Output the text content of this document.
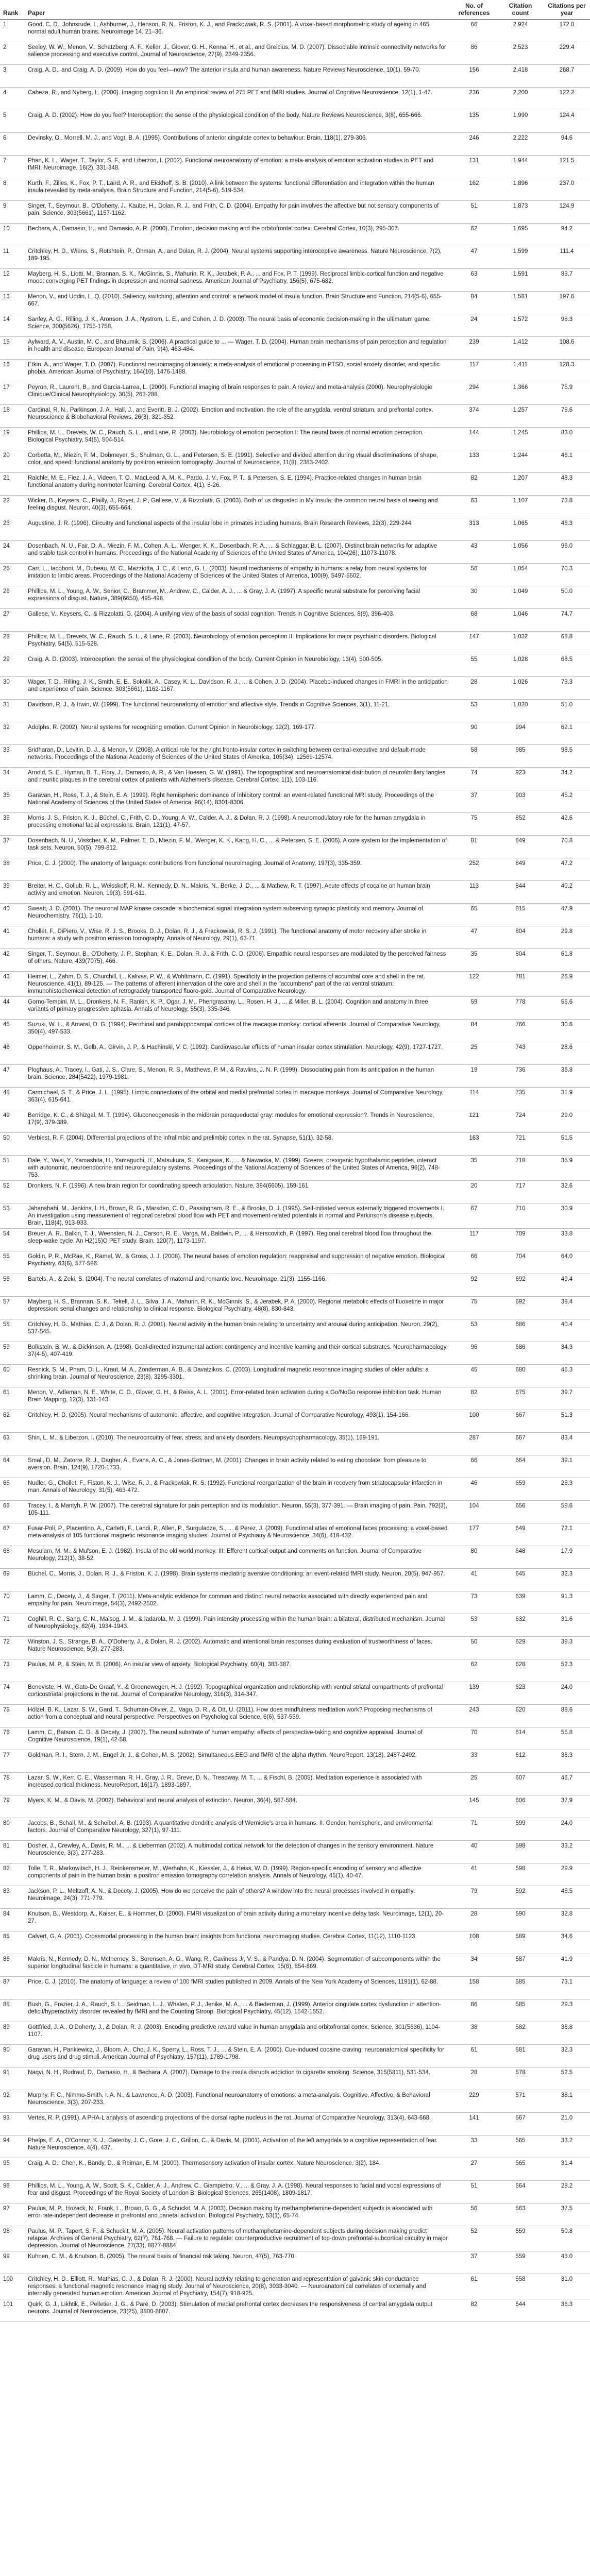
Rank	Paper	No. of references	Citation count	Citations per year
1	Good, C. D., Johnsrude, I., Ashburner, J., Henson, R. N., Friston, K. J., and Frackowiak, R. S. (2001). A voxel-based morphometric study of ageing in 465 normal adult human brains. Neuroimage 14, 21–36.	66	2,924	172.0
2	Seeley, W. W., Menon, V., Schatzberg, A. F., Keller, J., Glover, G. H., Kenna, H., et al., and Greicius, M. D. (2007). Dissociable intrinsic connectivity networks for salience processing and executive control. Journal of Neuroscience, 27(9), 2349-2356.	86	2,523	229.4
3	Craig, A. D., and Craig, A. D. (2009). How do you feel—now? The anterior insula and human awareness. Nature Reviews Neuroscience, 10(1), 59-70.	156	2,418	268.7
4	Cabeza, R., and Nyberg, L. (2000). Imaging cognition II: An empirical review of 275 PET and fMRI studies. Journal of Cognitive Neuroscience, 12(1), 1-47.	236	2,200	122.2
5	Craig, A. D. (2002). How do you feel? Interoception: the sense of the physiological condition of the body. Nature Reviews Neuroscience, 3(8), 655-666.	135	1,990	124.4
6	Devinsky, O., Morrell, M. J., and Vogt, B. A. (1995). Contributions of anterior cingulate cortex to behaviour. Brain, 118(1), 279-306.	246	2,222	94.6
7	Phan, K. L., Wager, T., Taylor, S. F., and Liberzon, I. (2002). Functional neuroanatomy of emotion: a meta-analysis of emotion activation studies in PET and fMRI. Neuroimage, 16(2), 331-348.	131	1,944	121.5
8	Kurth, F., Zilles, K., Fox, P. T., Laird, A. R., and Eickhoff, S. B. (2010). A link between the systems: functional differentiation and integration within the human insula revealed by meta-analysis. Brain Structure and Function, 214(5-6), 519-534.	162	1,896	237.0
9	Singer, T., Seymour, B., O'Doherty, J., Kaube, H., Dolan, R. J., and Frith, C. D. (2004). Empathy for pain involves the affective but not sensory components of pain. Science, 303(5661), 1157-1162.	51	1,873	124.9
10	Bechara, A., Damasio, H., and Damasio, A. R. (2000). Emotion, decision making and the orbitofrontal cortex. Cerebral Cortex, 10(3), 295-307.	62	1,695	94.2
11	Critchley, H. D., Wiens, S., Rotshtein, P., Öhman, A., and Dolan, R. J. (2004). Neural systems supporting interoceptive awareness. Nature Neuroscience, 7(2), 189-195.	47	1,599	111.4
12	Mayberg, H. S., Liotti, M., Brannan, S. K., McGinnis, S., Mahurin, R. K., Jerabek, P. A., ... and Fox, P. T. (1999). Reciprocal limbic-cortical function and negative mood: converging PET findings in depression and normal sadness. American Journal of Psychiatry, 156(5), 675-682.	63	1,591	83.7
13	Menon, V., and Uddin, L. Q. (2010). Saliency, switching, attention and control: a network model of insula function. Brain Structure and Function, 214(5-6), 655-667.	84	1,581	197.6
14	Sanfey, A. G., Rilling, J. K., Aronson, J. A., Nystrom, L. E., and Cohen, J. D. (2003). The neural basis of economic decision-making in the ultimatum game. Science, 300(5626), 1755-1758.	24	1,572	98.3
15	Aylward, A. V., Austin, M. C., and Bhaumik, S. (2006). A practical guide to ... — Wager, T. D. (2004). Human brain mechanisms of pain perception and regulation in health and disease. European Journal of Pain, 9(4), 463-484.	239	1,412	108.6
16	Etkin, A., and Wager, T. D. (2007). Functional neuroimaging of anxiety: a meta-analysis of emotional processing in PTSD, social anxiety disorder, and specific phobia. American Journal of Psychiatry, 164(10), 1476-1488.	117	1,411	128.3
17	Peyron, R., Laurent, B., and Garcia-Larrea, L. (2000). Functional imaging of brain responses to pain. A review and meta-analysis (2000). Neurophysiologie Clinique/Clinical Neurophysiology, 30(5), 263-288.	294	1,366	75.9
18	Cardinal, R. N., Parkinson, J. A., Hall, J., and Everitt, B. J. (2002). Emotion and motivation: the role of the amygdala, ventral striatum, and prefrontal cortex. Neuroscience & Biobehavioral Reviews, 26(3), 321-352.	374	1,257	78.6
19	Phillips, M. L., Drevets, W. C., Rauch, S. L., and Lane, R. (2003). Neurobiology of emotion perception I: The neural basis of normal emotion perception. Biological Psychiatry, 54(5), 504-514.	144	1,245	83.0
20	Corbetta, M., Miezin, F. M., Dobmeyer, S., Shulman, G. L., and Petersen, S. E. (1991). Selective and divided attention during visual discriminations of shape, color, and speed: functional anatomy by positron emission tomography. Journal of Neuroscience, 11(8), 2383-2402.	133	1,244	46.1
21	Raichle, M. E., Fiez, J. A., Videen, T. O., MacLeod, A. M. K., Pardo, J. V., Fox, P. T., & Petersen, S. E. (1994). Practice-related changes in human brain functional anatomy during nonmotor learning. Cerebral Cortex, 4(1), 8-26.	82	1,207	48.3
22	Wicker, B., Keysers, C., Plailly, J., Royet, J. P., Gallese, V., & Rizzolatti, G. (2003). Both of us disgusted in My Insula: the common neural basis of seeing and feeling disgust. Neuron, 40(3), 655-664.	63	1,107	73.8
23	Augustine, J. R. (1996). Circuitry and functional aspects of the insular lobe in primates including humans. Brain Research Reviews, 22(3), 229-244.	313	1,065	46.3
24	Dosenbach, N. U., Fair, D. A., Miezin, F. M., Cohen, A. L., Wenger, K. K., Dosenbach, R. A., ... & Schlaggar, B. L. (2007). Distinct brain networks for adaptive and stable task control in humans. Proceedings of the National Academy of Sciences of the United States of America, 104(26), 11073-11078.	43	1,056	96.0
25	Carr, L., Iacoboni, M., Dubeau, M. C., Mazziotta, J. C., & Lenzi, G. L. (2003). Neural mechanisms of empathy in humans: a relay from neural systems for imitation to limbic areas. Proceedings of the National Academy of Sciences of the United States of America, 100(9), 5497-5502.	56	1,054	70.3
26	Phillips, M. L., Young, A. W., Senior, C., Brammer, M., Andrew, C., Calder, A. J., ... & Gray, J. A. (1997). A specific neural substrate for perceiving facial expressions of disgust. Nature, 389(6650), 495-498.	30	1,049	50.0
27	Gallese, V., Keysers, C., & Rizzolatti, G. (2004). A unifying view of the basis of social cognition. Trends in Cognitive Sciences, 8(9), 396-403.	68	1,046	74.7
28	Phillips, M. L., Drevets, W. C., Rauch, S. L., & Lane, R. (2003). Neurobiology of emotion perception II: Implications for major psychiatric disorders. Biological Psychiatry, 54(5), 515-528.	147	1,032	68.8
29	Craig, A. D. (2003). Interoception: the sense of the physiological condition of the body. Current Opinion in Neurobiology, 13(4), 500-505.	55	1,028	68.5
30	Wager, T. D., Rilling, J. K., Smith, E. E., Sokolik, A., Casey, K. L., Davidson, R. J., ... & Cohen, J. D. (2004). Placebo-induced changes in FMRI in the anticipation and experience of pain. Science, 303(5661), 1162-1167.	28	1,026	73.3
31	Davidson, R. J., & Irwin, W. (1999). The functional neuroanatomy of emotion and affective style. Trends in Cognitive Sciences, 3(1), 11-21.	53	1,020	51.0
32	Adolphs, R. (2002). Neural systems for recognizing emotion. Current Opinion in Neurobiology, 12(2), 169-177.	90	994	62.1
33	Sridharan, D., Levitin, D. J., & Menon, V. (2008). A critical role for the right fronto-insular cortex in switching between central-executive and default-mode networks. Proceedings of the National Academy of Sciences of the United States of America, 105(34), 12569-12574.	58	985	98.5
34	Arnold, S. E., Hyman, B. T., Flory, J., Damasio, A. R., & Van Hoesen, G. W. (1991). The topographical and neuroanatomical distribution of neurofibrillary tangles and neuritic plaques in the cerebral cortex of patients with Alzheimer's disease. Cerebral Cortex, 1(1), 103-116.	74	923	34.2
35	Garavan, H., Ross, T. J., & Stein, E. A. (1999). Right hemispheric dominance of inhibitory control: an event-related functional MRI study. Proceedings of the National Academy of Sciences of the United States of America, 96(14), 8301-8306.	37	903	45.2
36	Morris, J. S., Friston, K. J., Büchel, C., Frith, C. D., Young, A. W., Calder, A. J., & Dolan, R. J. (1998). A neuromodulatory role for the human amygdala in processing emotional facial expressions. Brain, 121(1), 47-57.	75	852	42.6
37	Dosenbach, N. U., Visscher, K. M., Palmer, E. D., Miezin, F. M., Wenger, K. K., Kang, H. C., ... & Petersen, S. E. (2006). A core system for the implementation of task sets. Neuron, 50(5), 799-812.	81	849	70.8
38	Price, C. J. (2000). The anatomy of language: contributions from functional neuroimaging. Journal of Anatomy, 197(3), 335-359.	252	849	47.2
39	Breiter, H. C., Gollub, R. L., Weisskoff, R. M., Kennedy, D. N., Makris, N., Berke, J. D., ... & Mathew, R. T. (1997). Acute effects of cocaine on human brain activity and emotion. Neuron, 19(3), 591-611.	113	844	40.2
40	Sweatt, J. D. (2001). The neuronal MAP kinase cascade: a biochemical signal integration system subserving synaptic plasticity and memory. Journal of Neurochemistry, 76(1), 1-10.	65	815	47.9
41	Chollet, F., DiPiero, V., Wise, R. J. S., Brooks, D. J., Dolan, R. J., & Frackowiak, R. S. J. (1991). The functional anatomy of motor recovery after stroke in humans: a study with positron emission tomography. Annals of Neurology, 29(1), 63-71.	47	804	29.8
42	Singer, T., Seymour, B., O'Doherty, J. P., Stephan, K. E., Dolan, R. J., & Frith, C. D. (2006). Empathic neural responses are modulated by the perceived fairness of others. Nature, 439(7075), 466.	35	804	61.8
43	Heimer, L., Zahm, D. S., Churchill, L., Kalivas, P. W., & Wohltmann, C. (1991). Specificity in the projection patterns of accumbal core and shell in the rat. Neuroscience, 41(1), 89-125. — The patterns of afferent innervation of the core and shell in the "accumbens" part of the rat ventral striatum: immunohistochemical detection of retrogradely transported fluoro-gold. Journal of Comparative Neurology.	122	781	26.9
44	Gorno-Tempini, M. L., Dronkers, N. F., Rankin, K. P., Ogar, J. M., Phengrasamy, L., Rosen, H. J., ... & Miller, B. L. (2004). Cognition and anatomy in three variants of primary progressive aphasia. Annals of Neurology, 55(3), 335-346.	59	778	55.6
45	Suzuki, W. L., & Amaral, D. G. (1994). Perirhinal and parahippocampal cortices of the macaque monkey: cortical afferents. Journal of Comparative Neurology, 350(4), 497-533.	84	766	30.6
46	Oppenheimer, S. M., Gelb, A., Girvin, J. P., & Hachinski, V. C. (1992). Cardiovascular effects of human insular cortex stimulation. Neurology, 42(9), 1727-1727.	25	743	28.6
47	Ploghaus, A., Tracey, I., Gati, J. S., Clare, S., Menon, R. S., Matthews, P. M., & Rawlins, J. N. P. (1999). Dissociating pain from its anticipation in the human brain. Science, 284(5422), 1979-1981.	19	736	36.8
48	Carmichael, S. T., & Price, J. L. (1995). Limbic connections of the orbital and medial prefrontal cortex in macaque monkeys. Journal of Comparative Neurology, 363(4), 615-641.	114	735	31.9
49	Berridge, K. C., & Shizgal, M. T. (1994). Gluconeogenesis in the midbrain peraqueductal gray: modules for emotional expression?. Trends in Neuroscience, 17(9), 379-389.	121	724	29.0
50	Verbiest, R. F. (2004). Differential projections of the infralimbic and prelimbic cortex in the rat. Synapse, 51(1), 32-58.	163	721	51.5
51	Dale, Y., Vaisi, Y., Yamashita, H., Yamaguchi, H., Matsukura, S., Kanigawa, K., ... & Nawaoka, M. (1999). Greens, orexigenic hypothalamic peptides, interact with autonomic, neuroendocrine and neuroregulatory systems. Proceedings of the National Academy of Sciences of the United States of America, 96(2), 748-753.	35	718	35.9
52	Dronkers, N. F. (1996). A new brain region for coordinating speech articulation. Nature, 384(6605), 159-161.	20	717	32.6
53	Jahanshahi, M., Jenkins, I. H., Brown, R. G., Marsden, C. D., Passingham, R. E., & Brooks, D. J. (1995). Self-initiated versus externally triggered movements I. An investigation using measurement of regional cerebral blood flow with PET and movement-related potentials in normal and Parkinson's disease subjects. Brain, 118(4), 913-933.	67	710	30.9
54	Breuer, A. R., Balkin, T. J., Weensten, N. J., Carson, R. E., Varga, M., Baldwin, P., ... & Herscovitch, P. (1997). Regional cerebral blood flow throughout the sleep-wake cycle. An H2(15)O PET study. Brain, 120(7), 1173-1197.	117	709	33.8
55	Goldin, P. R., McRae, K., Ramel, W., & Gross, J. J. (2008). The neural bases of emotion regulation: reappraisal and suppression of negative emotion. Biological Psychiatry, 63(6), 577-586.	66	704	64.0
56	Bartels, A., & Zeki, S. (2004). The neural correlates of maternal and romantic love. Neuroimage, 21(3), 1155-1166.	92	692	49.4
57	Mayberg, H. S., Brannan, S. K., Tekell, J. L., Silva, J. A., Mahurin, R. K., McGinnis, S., & Jerabek, P. A. (2000). Regional metabolic effects of fluoxetine in major depression: serial changes and relationship to clinical response. Biological Psychiatry, 48(8), 830-843.	75	692	38.4
58	Critchley, H. D., Mathias, C. J., & Dolan, R. J. (2001). Neural activity in the human brain relating to uncertainty and arousal during anticipation. Neuron, 29(2), 537-545.	53	686	40.4
59	Bolkstein, B. W., & Dickinson, A. (1998). Goal-directed instrumental action: contingency and incentive learning and their cortical substrates. Neuropharmacology, 37(4-5), 407-419.	96	686	34.3
60	Resnick, S. M., Pham, D. L., Kraut, M. A., Zonderman, A. B., & Davatzikos, C. (2003). Longitudinal magnetic resonance imaging studies of older adults: a shrinking brain. Journal of Neuroscience, 23(8), 3295-3301.	45	680	45.3
61	Menon, V., Adleman, N. E., White, C. D., Glover, G. H., & Reiss, A. L. (2001). Error-related brain activation during a Go/NoGo response inhibition task. Human Brain Mapping, 12(3), 131-143.	82	675	39.7
62	Critchley, H. D. (2005). Neural mechanisms of autonomic, affective, and cognitive integration. Journal of Comparative Neurology, 493(1), 154-166.	100	667	51.3
63	Shin, L. M., & Liberzon, I. (2010). The neurocircuitry of fear, stress, and anxiety disorders. Neuropsychopharmacology, 35(1), 169-191.	287	667	83.4
64	Small, D. M., Zatorre, R. J., Dagher, A., Evans, A. C., & Jones-Gotman, M. (2001). Changes in brain activity related to eating chocolate: from pleasure to aversion. Brain, 124(9), 1720-1733.	66	664	39.1
65	Nudler, G., Chollet, F., Fiston, K. J., Wise, R. J., & Frackowiak, R. S. (1992). Functional reorganization of the brain in recovery from striatocapsular infarction in man. Annals of Neurology, 31(5), 463-472.	46	659	25.3
66	Tracey, I., & Mantyh, P. W. (2007). The cerebral signature for pain perception and its modulation. Neuron, 55(3), 377-391. — Brain imaging of pain. Pain, 792(3), 105-111.	104	656	59.6
67	Fusar-Poli, P., Placentino, A., Carletti, F., Landi, P., Allen, P., Surguladze, S., ... & Perez, J. (2009). Functional atlas of emotional faces processing: a voxel-based meta-analysis of 105 functional magnetic resonance imaging studies. Journal of Psychiatry & Neuroscience, 34(6), 418-432.	177	649	72.1
68	Mesulam, M. M., & Mufson, E. J. (1982). Insula of the old world monkey. III: Efferent cortical output and comments on function. Journal of Comparative Neurology, 212(1), 38-52.	80	648	17.9
69	Büchel, C., Morris, J., Dolan, R. J., & Friston, K. J. (1998). Brain systems mediating aversive conditioning: an event-related fMRI study. Neuron, 20(5), 947-957.	41	645	32.3
70	Lamm, C., Decety, J., & Singer, T. (2011). Meta-analytic evidence for common and distinct neural networks associated with directly experienced pain and empathy for pain. Neuroimage, 54(3), 2492-2502.	73	639	91.3
71	Coghill, R. C., Sang, C. N., Maisog, J. M., & Iadarola, M. J. (1999). Pain intensity processing within the human brain: a bilateral, distributed mechanism. Journal of Neurophysiology, 82(4), 1934-1943.	53	632	31.6
72	Winston, J. S., Strange, B. A., O'Doherty, J., & Dolan, R. J. (2002). Automatic and intentional brain responses during evaluation of trustworthiness of faces. Nature Neuroscience, 5(3), 277-283.	50	629	39.3
73	Paulus, M. P., & Stein, M. B. (2006). An insular view of anxiety. Biological Psychiatry, 60(4), 383-387.	62	628	52.3
74	Beneviste, H. W., Gato-De Graaf, Y., & Groenewegen, H. J. (1992). Topographical organization and relationship with ventral striatal compartments of prefrontal corticostriatal projections in the rat. Journal of Comparative Neurology, 316(3), 314-347.	139	623	24.0
75	Hölzel, B. K., Lazar, S. W., Gard, T., Schuman-Olivier, Z., Vago, D. R., & Ott, U. (2011). How does mindfulness meditation work? Proposing mechanisms of action from a conceptual and neural perspective. Perspectives on Psychological Science, 6(6), 537-559.	243	620	88.6
76	Lamm, C., Batson, C. D., & Decety, J. (2007). The neural substrate of human empathy: effects of perspective-taking and cognitive appraisal. Journal of Cognitive Neuroscience, 19(1), 42-58.	70	614	55.8
77	Goldman, R. I., Stern, J. M., Engel Jr, J., & Cohen, M. S. (2002). Simultaneous EEG and fMRI of the alpha rhythm. NeuroReport, 13(18), 2487-2492.	33	612	38.3
78	Lazar, S. W., Kerr, C. E., Wasserman, R. H., Gray, J. R., Greve, D. N., Treadway, M. T., ... & Fischl, B. (2005). Meditation experience is associated with increased cortical thickness. NeuroReport, 16(17), 1893-1897.	25	607	46.7
79	Myers, K. M., & Davis, M. (2002). Behavioral and neural analysis of extinction. Neuron, 36(4), 567-584.	145	606	37.9
80	Jacobs, B., Schall, M., & Scheibel, A. B. (1993). A quantitative dendritic analysis of Wernicke's area in humans. II. Gender, hemispheric, and environmental factors. Journal of Comparative Neurology, 327(1), 97-111.	71	599	24.0
81	Dosher, J., Crewley, A., Davis, R. M., ... & Lieberman (2002). A multimodal cortical network for the detection of changes in the sensory environment. Nature Neuroscience, 3(3), 277-283.	40	598	33.2
82	Tolle, T. R., Markowitsch, H. J., Reinkensmeier, M., Werhahn, K., Kiessler, J., & Heiss, W. D. (1999). Region-specific encoding of sensory and affective components of pain in the human brain: a positron emission tomography correlation analysis. Annals of Neurology, 45(1), 40-47.	41	598	29.9
83	Jackson, P. L., Meltzoff, A. N., & Decety, J. (2005). How do we perceive the pain of others? A window into the neural processes involved in empathy. Neuroimage, 24(3), 771-779.	79	592	45.5
84	Knutson, B., Westdorp, A., Kaiser, E., & Hommer, D. (2000). FMRI visualization of brain activity during a monetary incentive delay task. Neuroimage, 12(1), 20-27.	28	590	32.8
85	Calvert, G. A. (2001). Crossmodal processing in the human brain: insights from functional neuroimaging studies. Cerebral Cortex, 11(12), 1110-1123.	108	589	34.6
86	Makris, N., Kennedy, D. N., McInerney, S., Sorensen, A. G., Wang, R., Caviness Jr, V. S., & Pandya, D. N. (2004). Segmentation of subcomponents within the superior longitudinal fascicle in humans: a quantitative, in vivo, DT-MRI study. Cerebral Cortex, 15(6), 854-869.	34	587	41.9
87	Price, C. J. (2010). The anatomy of language: a review of 100 fMRI studies published in 2009. Annals of the New York Academy of Sciences, 1191(1), 62-88.	158	585	73.1
88	Bush, G., Frazier, J. A., Rauch, S. L., Seidman, L. J., Whalen, P. J., Jenike, M. A., ... & Biederman, J. (1999). Anterior cingulate cortex dysfunction in attention-deficit/hyperactivity disorder revealed by fMRI and the Counting Stroop. Biological Psychiatry, 45(12), 1542-1552.	86	585	29.3
89	Gottfried, J. A., O'Doherty, J., & Dolan, R. J. (2003). Encoding predictive reward value in human amygdala and orbitofrontal cortex. Science, 301(5636), 1104-1107.	38	582	38.8
90	Garavan, H., Pankiewicz, J., Bloom, A., Cho, J. K., Sperry, L., Ross, T. J., ... & Stein, E. A. (2000). Cue-induced cocaine craving: neuroanatomical specificity for drug users and drug stimuli. American Journal of Psychiatry, 157(11), 1789-1798.	61	581	32.3
91	Naqvi, N. H., Rudrauf, D., Damasio, H., & Bechara, A. (2007). Damage to the insula disrupts addiction to cigarette smoking. Science, 315(5811), 531-534.	28	578	52.5
92	Murphy, F. C., Nimmo-Smith, I. A. N., & Lawrence, A. D. (2003). Functional neuroanatomy of emotions: a meta-analysis. Cognitive, Affective, & Behavioral Neuroscience, 3(3), 207-233.	229	571	38.1
93	Vertes, R. P. (1991). A PHA-L analysis of ascending projections of the dorsal raphe nucleus in the rat. Journal of Comparative Neurology, 313(4), 643-668.	141	567	21.0
94	Phelps, E. A., O'Connor, K. J., Gatenby, J. C., Gore, J. C., Grillon, C., & Davis, M. (2001). Activation of the left amygdala to a cognitive representation of fear. Nature Neuroscience, 4(4), 437.	33	565	33.2
95	Craig, A. D., Chen, K., Bandy, D., & Reiman, E. M. (2000). Thermosensory activation of insular cortex. Nature Neuroscience, 3(2), 184.	27	565	31.4
96	Phillips, M. L., Young, A. W., Scott, S. K., Calder, A. J., Andrew, C., Giampietro, V., ... & Gray, J. A. (1998). Neural responses to facial and vocal expressions of fear and disgust. Proceedings of the Royal Society of London B: Biological Sciences, 265(1408), 1809-1817.	51	564	28.2
97	Paulus, M. P., Hozack, N., Frank, L., Brown, G. G., & Schuckit, M. A. (2003). Decision making by methamphetamine-dependent subjects is associated with error-rate-independent decrease in prefrontal and parietal activation. Biological Psychiatry, 53(1), 65-74.	56	563	37.5
98	Paulus, M. P., Tapert, S. F., & Schuckit, M. A. (2005). Neural activation patterns of methamphetamine-dependent subjects during decision making predict relapse. Archives of General Psychiatry, 62(7), 761-768. — Failure to regulate: counterproductive recruitment of top-down prefrontal-subcortical circuitry in major depression. Journal of Neuroscience, 27(33), 8877-8884.	52	559	50.8
99	Kuhnen, C. M., & Knutson, B. (2005). The neural basis of financial risk taking. Neuron, 47(5), 763-770.	37	559	43.0
100	Critchley, H. D., Elliott, R., Mathias, C. J., & Dolan, R. J. (2000). Neural activity relating to generation and representation of galvanic skin conductance responses: a functional magnetic resonance imaging study. Journal of Neuroscience, 20(8), 3033-3040. — Neuroanatomical correlates of externally and internally generated human emotion. American Journal of Psychiatry, 154(7), 918-925.	61	558	31.0
101	Quirk, G. J., Likhtik, E., Pelletier, J. G., & Paré, D. (2003). Stimulation of medial prefrontal cortex decreases the responsiveness of central amygdala output neurons. Journal of Neuroscience, 23(25), 8800-8807.	82	544	36.3
